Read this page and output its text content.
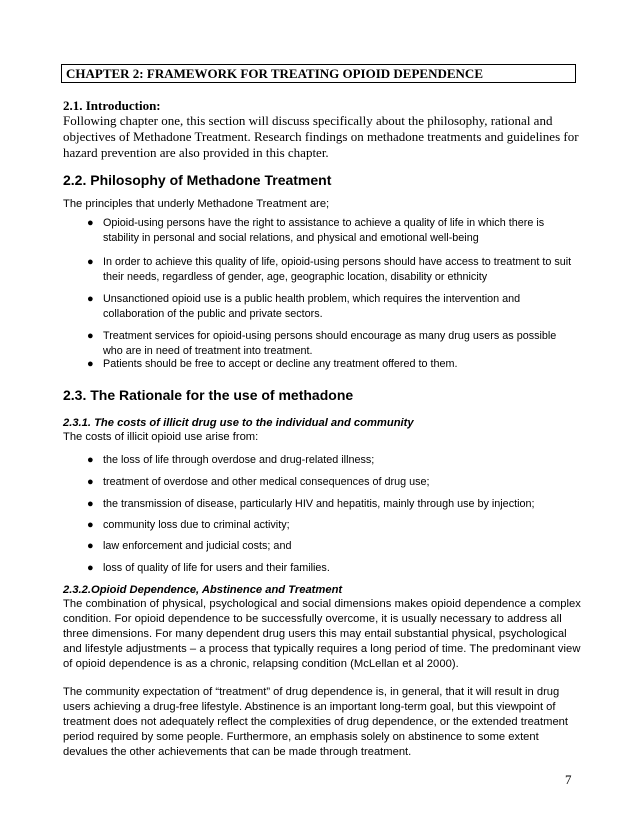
CHAPTER 2: FRAMEWORK FOR TREATING OPIOID DEPENDENCE
2.1. Introduction:
Following chapter one, this section will discuss specifically about the philosophy, rational and objectives of Methadone Treatment. Research findings on methadone treatments and guidelines for hazard prevention are also provided in this chapter.
2.2. Philosophy of Methadone Treatment
The principles that underly Methadone Treatment are;
● Opioid-using persons have the right to assistance to achieve a quality of life in which there is stability in personal and social relations, and physical and emotional well-being
● In order to achieve this quality of life, opioid-using persons should have access to treatment to suit their needs, regardless of gender, age, geographic location, disability or ethnicity
● Unsanctioned opioid use is a public health problem, which requires the intervention and collaboration of the public and private sectors.
● Treatment services for opioid-using persons should encourage as many drug users as possible who are in need of treatment into treatment.
● Patients should be free to accept or decline any treatment offered to them.
2.3. The Rationale for the use of methadone
2.3.1. The costs of illicit drug use to the individual and community
The costs of illicit opioid use arise from:
● the loss of life through overdose and drug-related illness;
● treatment of overdose and other medical consequences of drug use;
● the transmission of disease, particularly HIV and hepatitis, mainly through use by injection;
● community loss due to criminal activity;
● law enforcement and judicial costs; and
● loss of quality of life for users and their families.
2.3.2.Opioid Dependence, Abstinence and Treatment
The combination of physical, psychological and social dimensions makes opioid dependence a complex condition. For opioid dependence to be successfully overcome, it is usually necessary to address all three dimensions. For many dependent drug users this may entail substantial physical, psychological and lifestyle adjustments – a process that typically requires a long period of time. The predominant view of opioid dependence is as a chronic, relapsing condition (McLellan et al 2000).
The community expectation of “treatment” of drug dependence is, in general, that it will result in drug users achieving a drug-free lifestyle. Abstinence is an important long-term goal, but this viewpoint of treatment does not adequately reflect the complexities of drug dependence, or the extended treatment period required by some people. Furthermore, an emphasis solely on abstinence to some extent devalues the other achievements that can be made through treatment.
7
